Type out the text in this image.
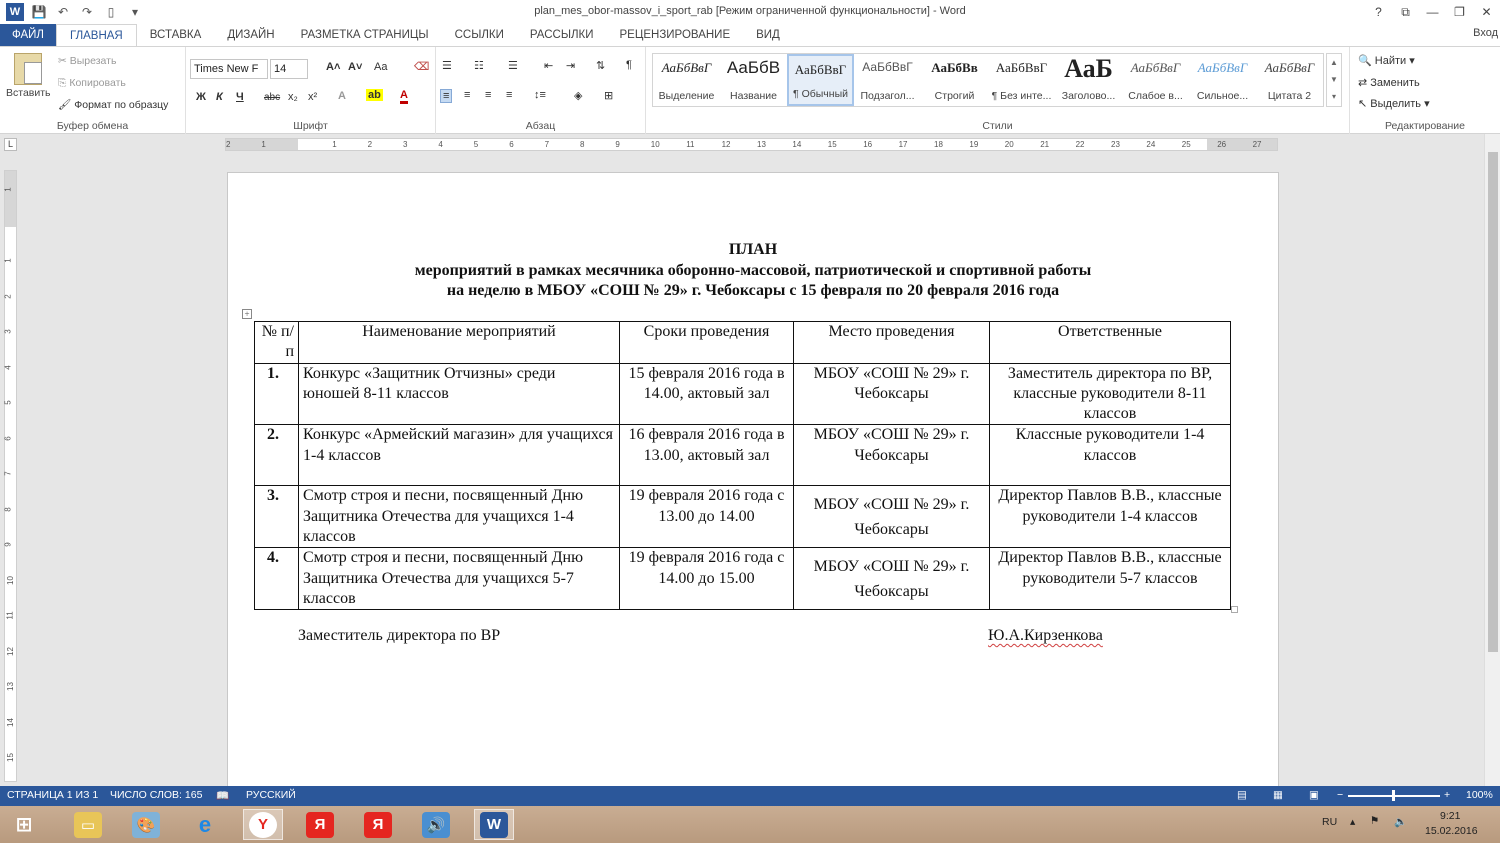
W 💾 ↶	↷	▯	▾	plan_mes_obor-massov_i_sport_rab [Режим ограниченной функциональности] - Word	?	⧉	—	❐	✕
ФАЙЛ	ГЛАВНАЯ	ВСТАВКА	ДИЗАЙН	РАЗМЕТКА СТРАНИЦЫ	ССЫЛКИ	РАССЫЛКИ	РЕЦЕНЗИРОВАНИЕ	ВИД	Вход
Вставить
✂ Вырезать
⎘ Копировать
🖌 Формат по образцу
Буфер обмена
Times New F	14	A˄ A˅ Aa ⌫
Ж К Ч abc x₂ x² A ab A
Шрифт
☰ ☷ ☰ ⇤ ⇥ ⇅ ¶
≡ ≡ ≡ ≡ ↕≡	◈ ⊞
Абзац	Стили
АаБбВвГ
Выделение
АаБбВ
Название
АаБбВвГ
¶ Обычный
АаБбВвГ
Подзагол...
АаБбВв
Строгий
АаБбВвГ
¶ Без инте...
АаБ
Заголово...
АаБбВвГ
Слабое в...
АаБбВвГ
Сильное...
АаБбВвГ
Цитата 2
▲
▼
▾
Редактирование
🔍 Найти ▾
⇄ Заменить
↖ Выделить ▾
L	2	1	1	2	3	4	5	6	7	8	9	10	11	12	13	14	15	16	17	18	19	20	21	22	23	24	25	26	27
1
1
2
3
4
5
6
7
8
9
10
11
12
13
14
15
ПЛАН
мероприятий в рамках месячника оборонно-массовой, патриотической и спортивной работы
на неделю в МБОУ «СОШ № 29» г. Чебоксары с 15 февраля по 20 февраля 2016 года
+
№ п/п	Наименование мероприятий	Сроки проведения	Место проведения	Ответственные
1.	Конкурс «Защитник Отчизны» среди юношей 8-11 классов	15 февраля 2016 года в 14.00, актовый зал	МБОУ «СОШ № 29» г. Чебоксары	Заместитель директора по ВР, классные руководители 8-11 классов
2.	Конкурс «Армейский магазин» для учащихся 1-4 классов	16 февраля 2016 года в 13.00, актовый зал	МБОУ «СОШ № 29» г. Чебоксары	Классные руководители 1-4 классов
3.	Смотр строя и песни, посвященный Дню Защитника Отечества для учащихся 1-4 классов	19 февраля 2016 года с 13.00 до 14.00	МБОУ «СОШ № 29» г. Чебоксары	Директор Павлов В.В., классные руководители 1-4 классов
4.	Смотр строя и песни, посвященный Дню Защитника Отечества для учащихся 5-7 классов	19 февраля 2016 года с 14.00 до 15.00	МБОУ «СОШ № 29» г. Чебоксары	Директор Павлов В.В., классные руководители 5-7 классов
Заместитель директора по ВР	Ю.А.Кирзенкова
СТРАНИЦА 1 ИЗ 1 ЧИСЛО СЛОВ: 165 📖 РУССКИЙ	▤ ▦ ▣ −	+ 100%
⊞	▭	🎨	e	Y	Я	Я	🔊	W	RU ▴ ⚑ 🔈	9:21
15.02.2016
